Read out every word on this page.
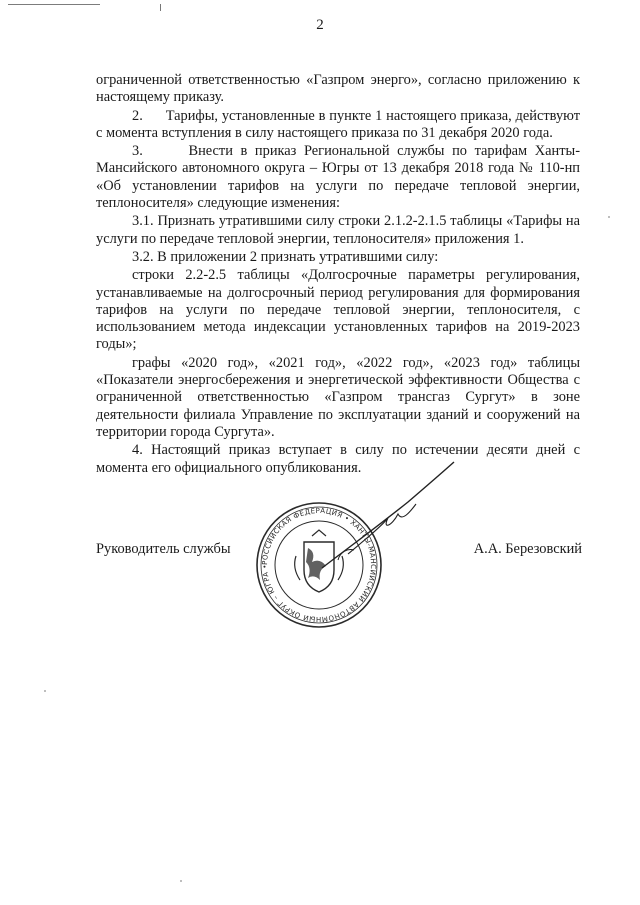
2

ограниченной ответственностью «Газпром энерго», согласно приложению к настоящему приказу.

2.      Тарифы, установленные в пункте 1 настоящего приказа, действуют с момента вступления в силу настоящего приказа по 31 декабря 2020 года.

3.      Внести в приказ Региональной службы по тарифам Ханты-Мансийского автономного округа – Югры от 13 декабря 2018 года № 110-нп «Об установлении тарифов на услуги по передаче тепловой энергии, теплоносителя» следующие изменения:

3.1. Признать утратившими силу строки 2.1.2-2.1.5 таблицы «Тарифы на услуги по передаче тепловой энергии, теплоносителя» приложения 1.

3.2. В приложении 2 признать утратившими силу:

строки 2.2-2.5 таблицы «Долгосрочные параметры регулирования, устанавливаемые на долгосрочный период регулирования для формирования тарифов на услуги по передаче тепловой энергии, теплоносителя, с использованием метода индексации установленных тарифов на 2019-2023 годы»;

графы «2020 год», «2021 год», «2022 год», «2023 год» таблицы «Показатели энергосбережения и энергетической эффективности Общества с ограниченной ответственностью «Газпром трансгаз Сургут» в зоне деятельности филиала Управление по эксплуатации зданий и сооружений на территории города Сургута».

4. Настоящий приказ вступает в силу по истечении десяти дней с момента его официального опубликования.

Руководитель службы	А.А. Березовский
РОССИЙСКАЯ ФЕДЕРАЦИЯ • ХАНТЫ-МАНСИЙСКИЙ АВТОНОМНЫЙ ОКРУГ – ЮГРА •
